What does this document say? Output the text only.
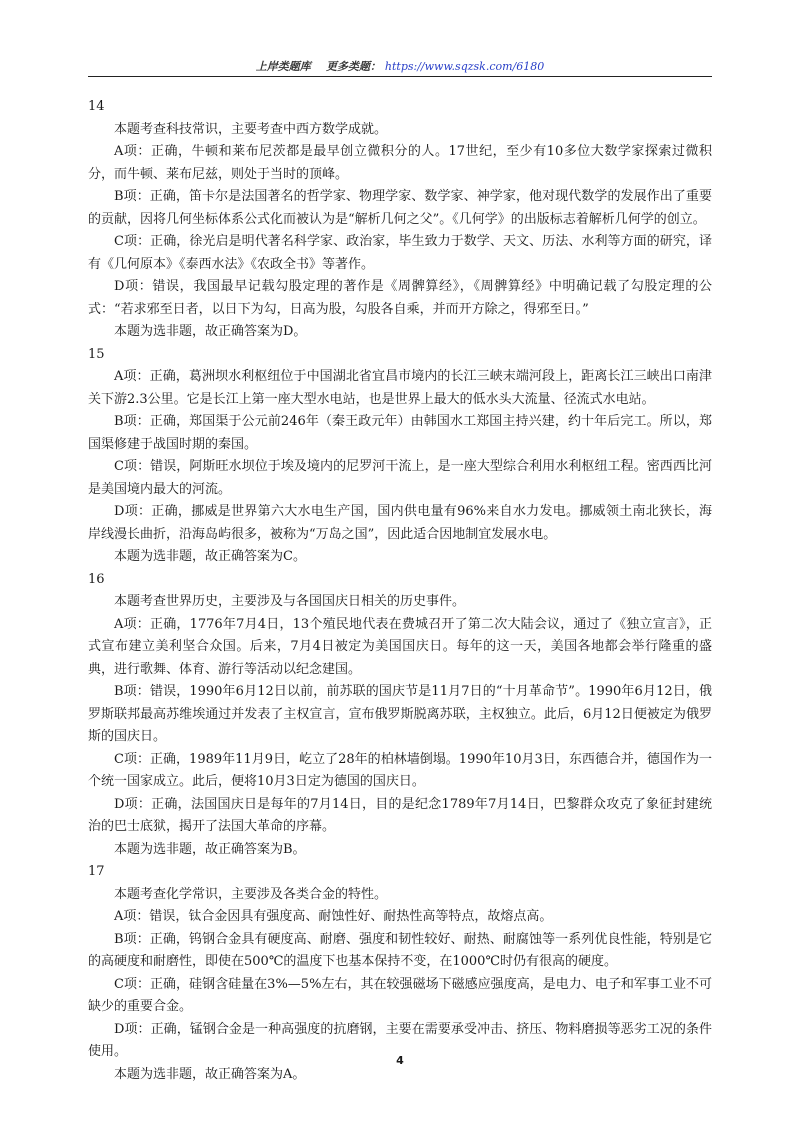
上岸类题库 更多类题： https://www.sqzsk.com/6180

14

本题考查科技常识，主要考查中西方数学成就。

A项：正确，牛顿和莱布尼茨都是最早创立微积分的人。17世纪，至少有10多位大数学家探索过微积分，而牛顿、莱布尼兹，则处于当时的顶峰。

B项：正确，笛卡尔是法国著名的哲学家、物理学家、数学家、神学家，他对现代数学的发展作出了重要的贡献，因将几何坐标体系公式化而被认为是“解析几何之父”。《几何学》的出版标志着解析几何学的创立。

C项：正确，徐光启是明代著名科学家、政治家，毕生致力于数学、天文、历法、水利等方面的研究，译有《几何原本》《泰西水法》《农政全书》等著作。

D项：错误，我国最早记载勾股定理的著作是《周髀算经》，《周髀算经》中明确记载了勾股定理的公式：“若求邪至日者，以日下为勾，日高为股，勾股各自乘，并而开方除之，得邪至日。”

本题为选非题，故正确答案为D。

15

A项：正确，葛洲坝水利枢纽位于中国湖北省宜昌市境内的长江三峡末端河段上，距离长江三峡出口南津关下游2.3公里。它是长江上第一座大型水电站，也是世界上最大的低水头大流量、径流式水电站。

B项：正确，郑国渠于公元前246年（秦王政元年）由韩国水工郑国主持兴建，约十年后完工。所以，郑国渠修建于战国时期的秦国。

C项：错误，阿斯旺水坝位于埃及境内的尼罗河干流上，是一座大型综合利用水利枢纽工程。密西西比河是美国境内最大的河流。

D项：正确，挪威是世界第六大水电生产国，国内供电量有96%来自水力发电。挪威领土南北狭长，海岸线漫长曲折，沿海岛屿很多，被称为“万岛之国”，因此适合因地制宜发展水电。

本题为选非题，故正确答案为C。

16

本题考查世界历史，主要涉及与各国国庆日相关的历史事件。

A项：正确，1776年7月4日，13个殖民地代表在费城召开了第二次大陆会议，通过了《独立宣言》，正式宣布建立美利坚合众国。后来，7月4日被定为美国国庆日。每年的这一天，美国各地都会举行隆重的盛典，进行歌舞、体育、游行等活动以纪念建国。

B项：错误，1990年6月12日以前，前苏联的国庆节是11月7日的“十月革命节”。1990年6月12日，俄罗斯联邦最高苏维埃通过并发表了主权宣言，宣布俄罗斯脱离苏联，主权独立。此后，6月12日便被定为俄罗斯的国庆日。

C项：正确，1989年11月9日，屹立了28年的柏林墙倒塌。1990年10月3日，东西德合并，德国作为一个统一国家成立。此后，便将10月3日定为德国的国庆日。

D项：正确，法国国庆日是每年的7月14日，目的是纪念1789年7月14日，巴黎群众攻克了象征封建统治的巴士底狱，揭开了法国大革命的序幕。

本题为选非题，故正确答案为B。

17

本题考查化学常识，主要涉及各类合金的特性。

A项：错误，钛合金因具有强度高、耐蚀性好、耐热性高等特点，故熔点高。

B项：正确，钨钢合金具有硬度高、耐磨、强度和韧性较好、耐热、耐腐蚀等一系列优良性能，特别是它的高硬度和耐磨性，即使在500℃的温度下也基本保持不变，在1000℃时仍有很高的硬度。

C项：正确，硅钢含硅量在3%—5%左右，其在较强磁场下磁感应强度高，是电力、电子和军事工业不可缺少的重要合金。

D项：正确，锰钢合金是一种高强度的抗磨钢，主要在需要承受冲击、挤压、物料磨损等恶劣工况的条件使用。

本题为选非题，故正确答案为A。

4
